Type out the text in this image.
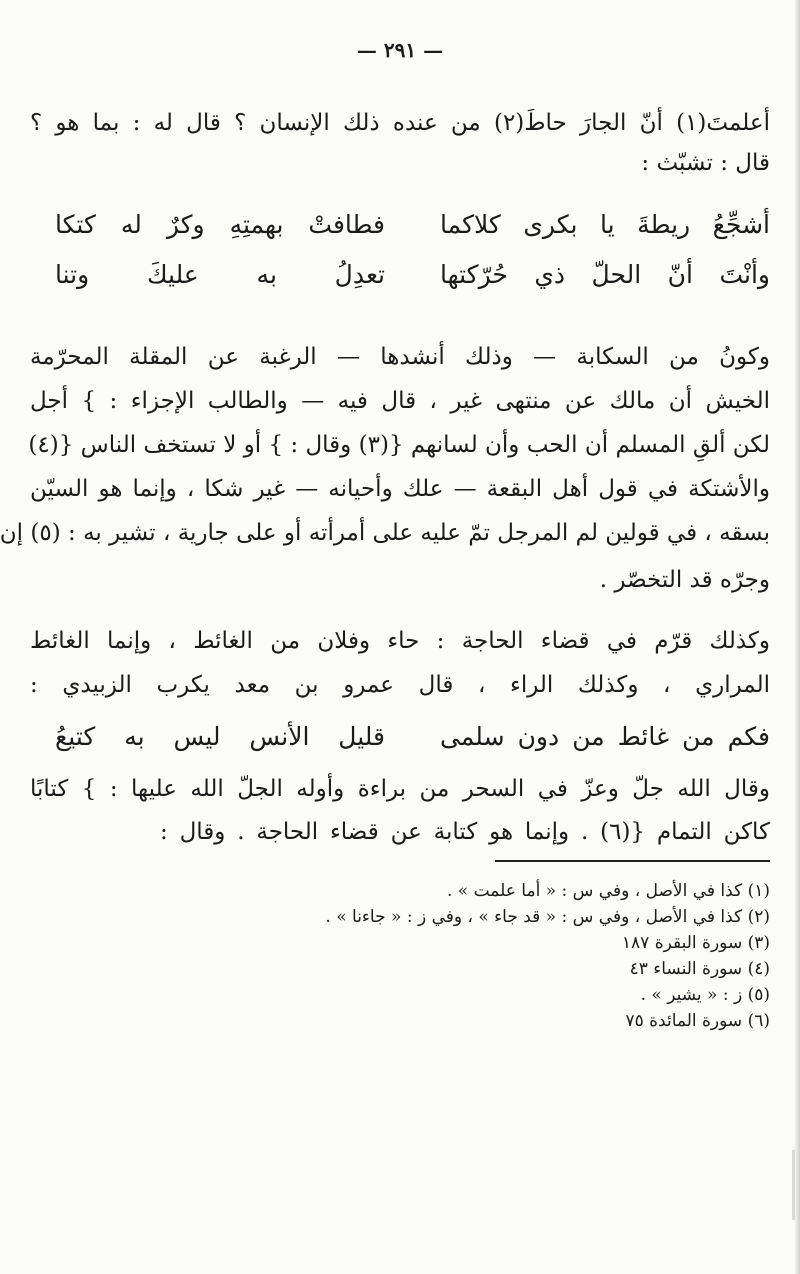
— ٢٩١ —
أعلمتَ(١) أنّ الجارَ حاطَ(٢) من عنده ذلك الإنسان ؟ قال له : بما هو ؟
قال : تشبّث :
أشجِّعُ ريطةَ يا بكرى كلاكما
فطافتْ بهمتِهِ وكرٌ له كتكا
وأنْتَ أنّ الحلّ ذي حُرّكتها
تعدِلُ به عليكَ وتنا
وكونُ من السكابة — وذلك أنشدها — الرغبة عن المقلة المحرّمة
الخيش أن مالك عن منتهى غير ، قال فيه — والطالب الإجزاء : } أجل
لكن ألقِ المسلم أن الحب وأن لسانهم {(٣) وقال : } أو لا تستخف الناس {(٤)
والأشتكة في قول أهل البقعة — علك وأحيانه — غير شكا ، وإنما هو السيّن
بسقه ، في قولين لم المرجل تمّ عليه على أمرأته أو على جارية ، تشير به : (٥) إن
وجرّه قد التخصّر .
وكذلك قرّم في قضاء الحاجة : حاء وفلان من الغائط ، وإنما الغائط
المراري ، وكذلك الراء ، قال عمرو بن معد يكرب الزبيدي :
فكم من غائط من دون سلمى
قليل الأنس ليس به كتيعُ
وقال الله جلّ وعزّ في السحر من براءة وأوله الجلّ الله عليها : } كتابًا
كاكن التمام {(٦) . وإنما هو كتابة عن قضاء الحاجة . وقال :
(١) كذا في الأصل ، وفي س : « أما علمت » .
(٢) كذا في الأصل ، وفي س : « قد جاء » ، وفي ز : « جاءنا » .
(٣) سورة البقرة ١٨٧
(٤) سورة النساء ٤٣
(٥) ز : « يشير » .
(٦) سورة المائدة ٧٥
